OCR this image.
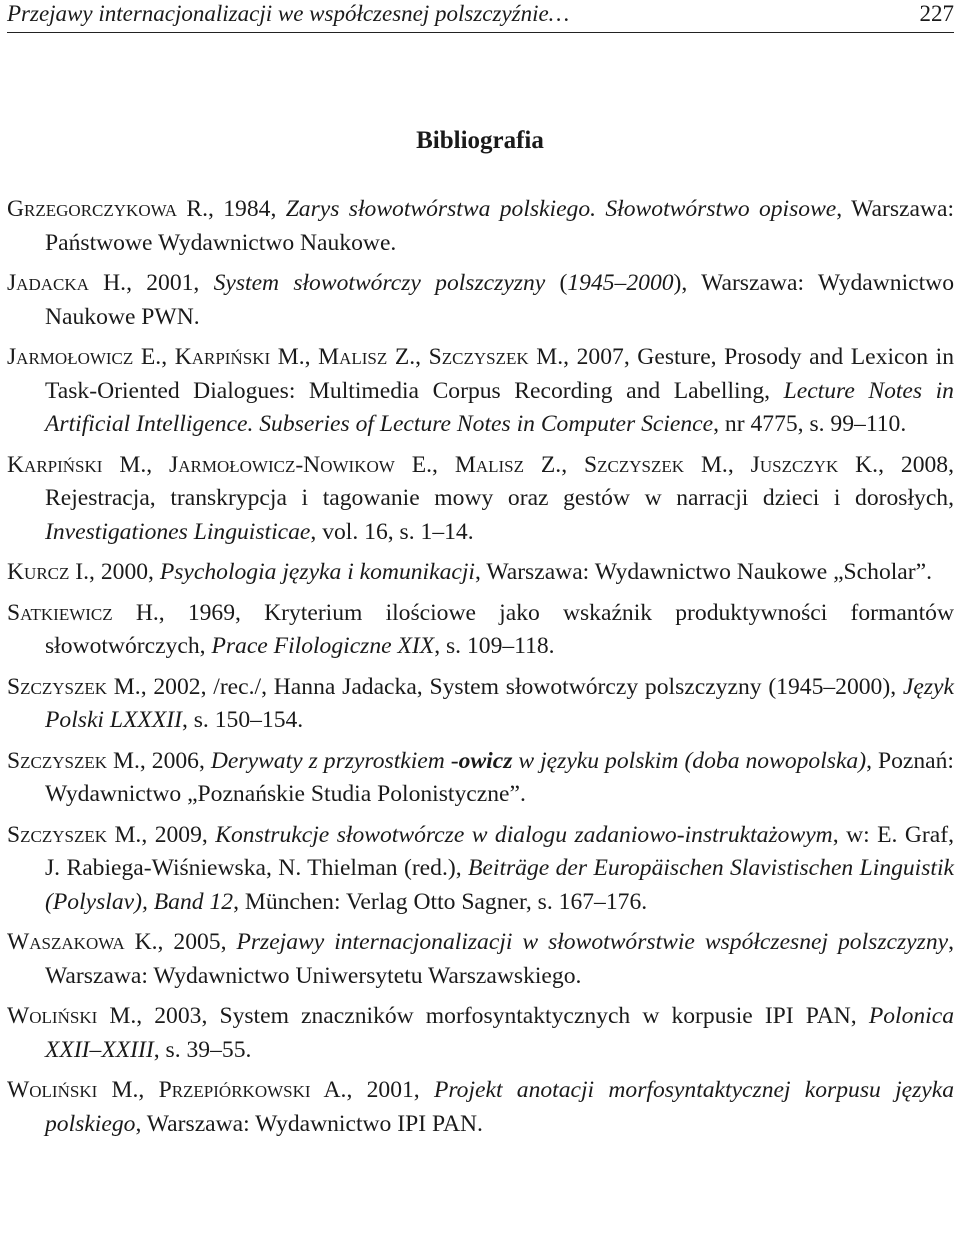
Przejawy internacjonalizacji we współczesnej polszczyźnie…	227
Bibliografia

Grzegorczykowa R., 1984, Zarys słowotwórstwa polskiego. Słowotwórstwo opisowe, Warszawa: Państwowe Wydawnictwo Naukowe.

Jadacka H., 2001, System słowotwórczy polszczyzny (1945–2000), Warszawa: Wydawnictwo Naukowe PWN.

Jarmołowicz E., Karpiński M., Malisz Z., Szczyszek M., 2007, Gesture, Prosody and Lexicon in Task-Oriented Dialogues: Multimedia Corpus Recording and Labelling, Lecture Notes in Artificial Intelligence. Subseries of Lecture Notes in Computer Science, nr 4775, s. 99–110.

Karpiński M., Jarmołowicz-Nowikow E., Malisz Z., Szczyszek M., Juszczyk K., 2008, Rejestracja, transkrypcja i tagowanie mowy oraz gestów w narracji dzieci i dorosłych, Investigationes Linguisticae, vol. 16, s. 1–14.

Kurcz I., 2000, Psychologia języka i komunikacji, Warszawa: Wydawnictwo Naukowe „Scholar”.

Satkiewicz H., 1969, Kryterium ilościowe jako wskaźnik produktywności formantów słowotwórczych, Prace Filologiczne XIX, s. 109–118.

Szczyszek M., 2002, /rec./, Hanna Jadacka, System słowotwórczy polszczyzny (1945–2000), Język Polski LXXXII, s. 150–154.

Szczyszek M., 2006, Derywaty z przyrostkiem -owicz w języku polskim (doba nowopolska), Poznań: Wydawnictwo „Poznańskie Studia Polonistyczne”.

Szczyszek M., 2009, Konstrukcje słowotwórcze w dialogu zadaniowo-instruktażowym, w: E. Graf, J. Rabiega-Wiśniewska, N. Thielman (red.), Beiträge der Europäischen Slavistischen Linguistik (Polyslav), Band 12, München: Verlag Otto Sagner, s. 167–176.

Waszakowa K., 2005, Przejawy internacjonalizacji w słowotwórstwie współczesnej polszczyzny, Warszawa: Wydawnictwo Uniwersytetu Warszawskiego.

Woliński M., 2003, System znaczników morfosyntaktycznych w korpusie IPI PAN, Polonica XXII–XXIII, s. 39–55.

Woliński M., Przepiórkowski A., 2001, Projekt anotacji morfosyntaktycznej korpusu języka polskiego, Warszawa: Wydawnictwo IPI PAN.
